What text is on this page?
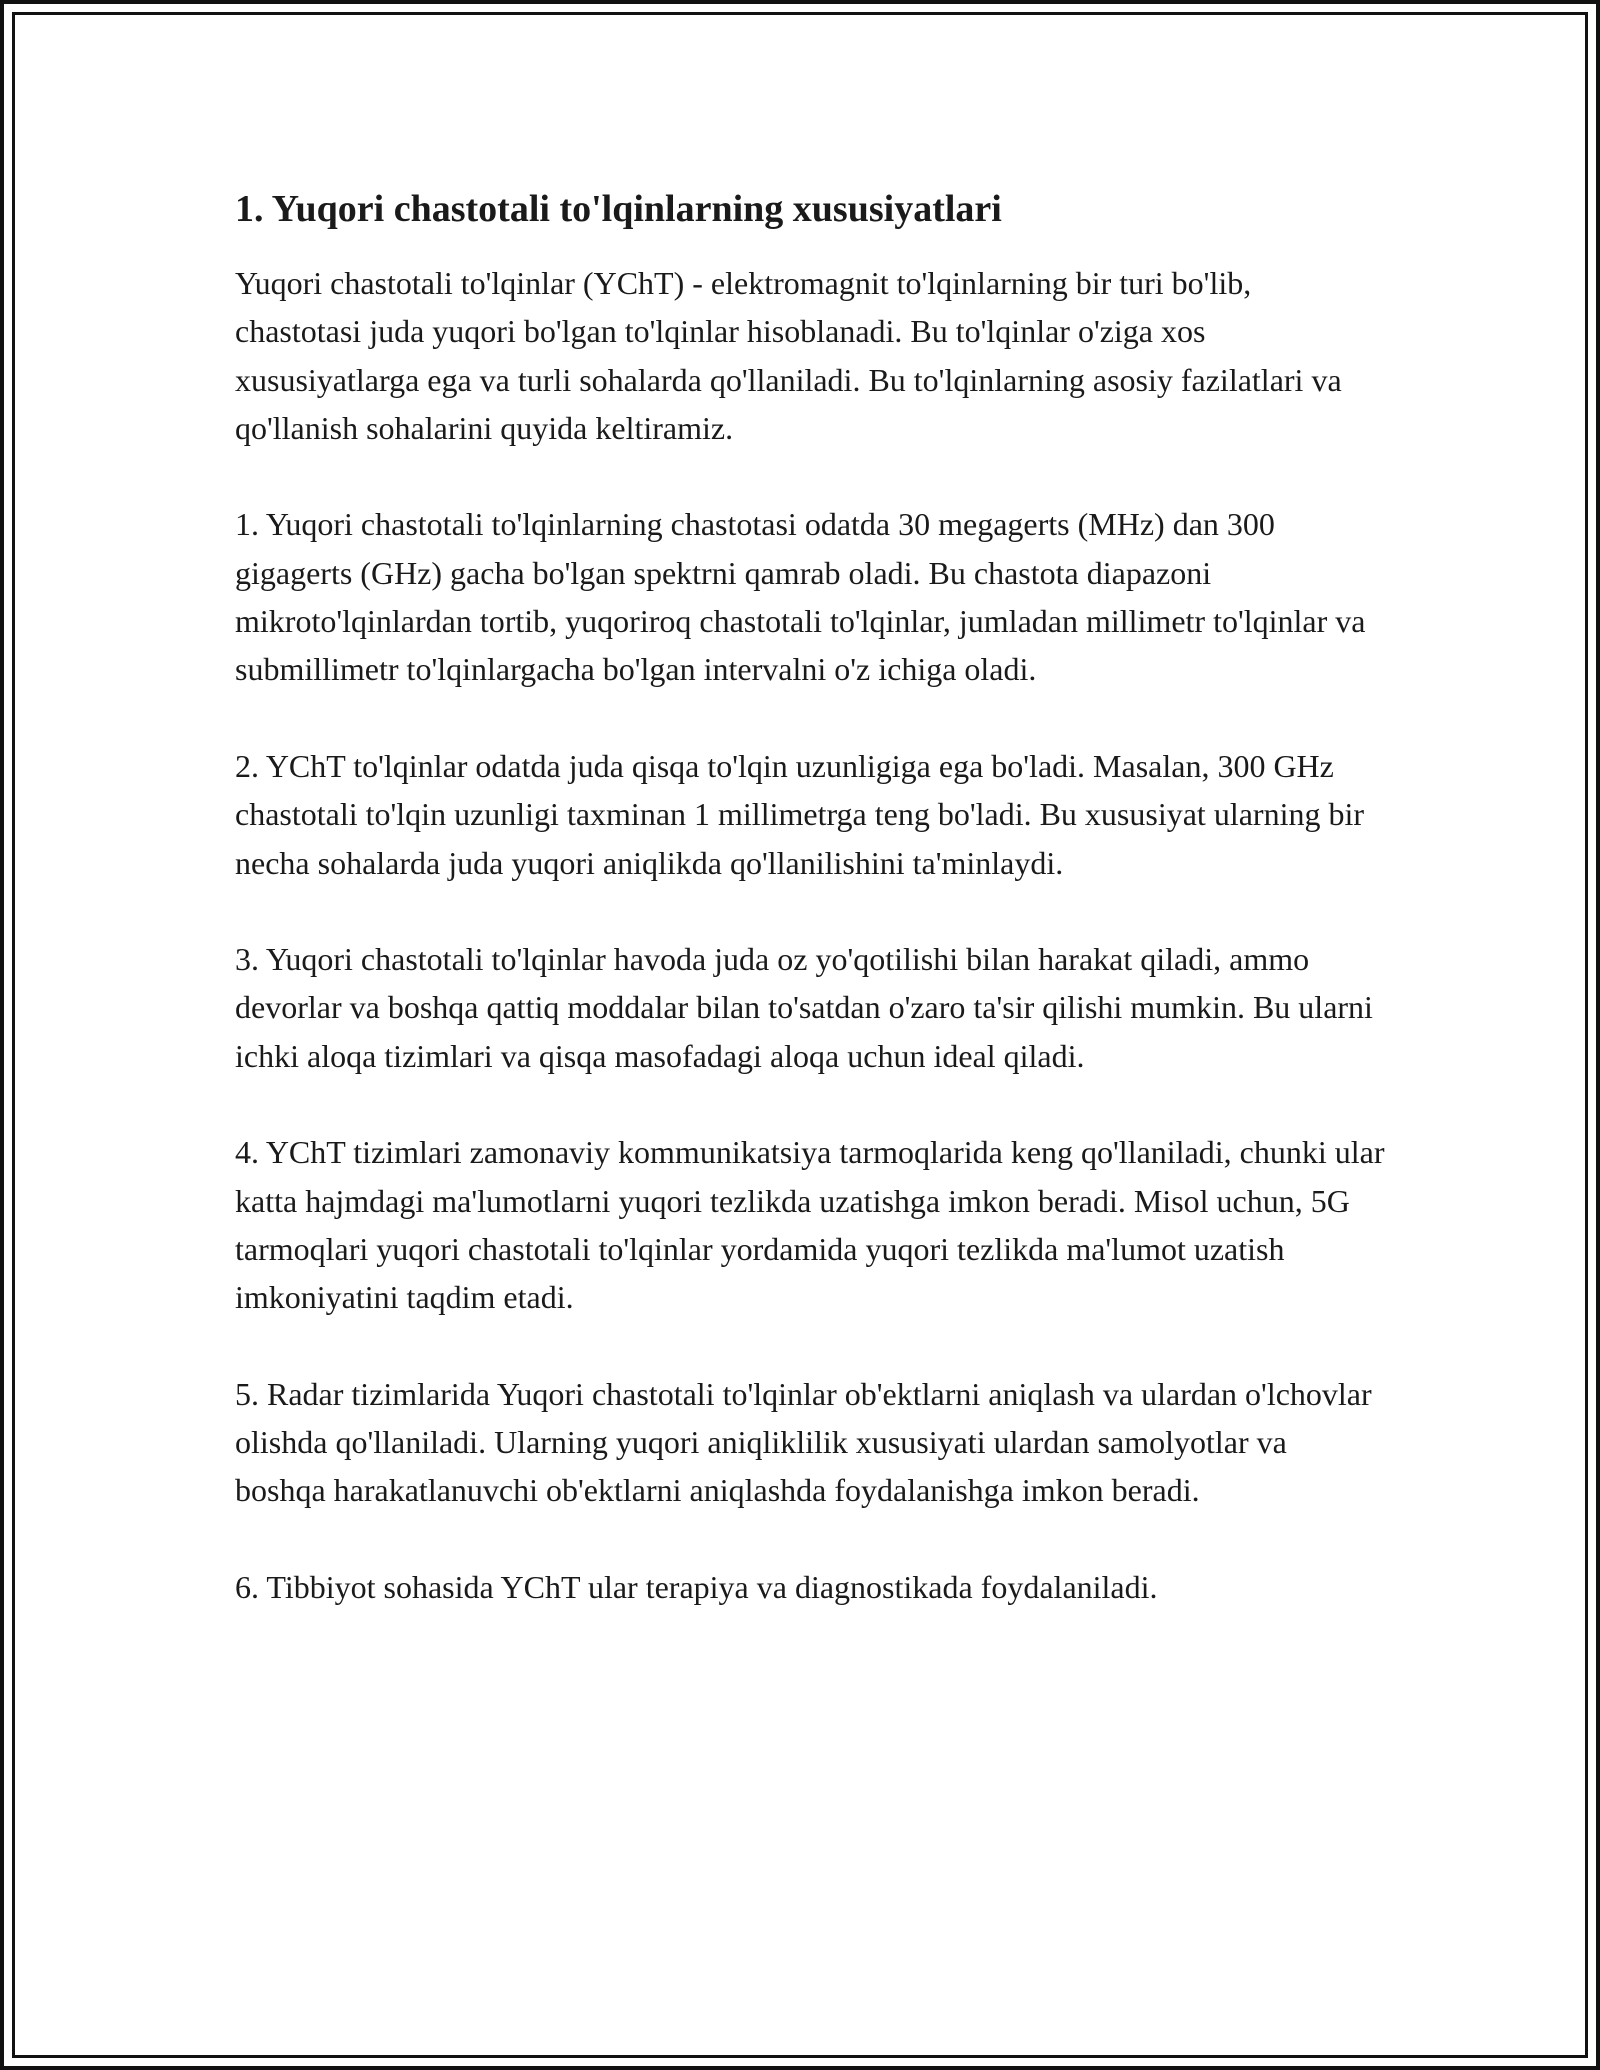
1. Yuqori chastotali to'lqinlarning xususiyatlari

Yuqori chastotali to'lqinlar (YChT) - elektromagnit to'lqinlarning bir turi bo'lib, chastotasi juda yuqori bo'lgan to'lqinlar hisoblanadi. Bu to'lqinlar o'ziga xos xususiyatlarga ega va turli sohalarda qo'llaniladi. Bu to'lqinlarning asosiy fazilatlari va qo'llanish sohalarini quyida keltiramiz.

1. Yuqori chastotali to'lqinlarning chastotasi odatda 30 megagerts (MHz) dan 300 gigagerts (GHz) gacha bo'lgan spektrni qamrab oladi. Bu chastota diapazoni mikroto'lqinlardan tortib, yuqoriroq chastotali to'lqinlar, jumladan millimetr to'lqinlar va submillimetr to'lqinlargacha bo'lgan intervalni o'z ichiga oladi.

2. YChT to'lqinlar odatda juda qisqa to'lqin uzunligiga ega bo'ladi. Masalan, 300 GHz chastotali to'lqin uzunligi taxminan 1 millimetrga teng bo'ladi. Bu xususiyat ularning bir necha sohalarda juda yuqori aniqlikda qo'llanilishini ta'minlaydi.

3. Yuqori chastotali to'lqinlar havoda juda oz yo'qotilishi bilan harakat qiladi, ammo devorlar va boshqa qattiq moddalar bilan to'satdan o'zaro ta'sir qilishi mumkin. Bu ularni ichki aloqa tizimlari va qisqa masofadagi aloqa uchun ideal qiladi.

4. YChT tizimlari zamonaviy kommunikatsiya tarmoqlarida keng qo'llaniladi, chunki ular katta hajmdagi ma'lumotlarni yuqori tezlikda uzatishga imkon beradi. Misol uchun, 5G tarmoqlari yuqori chastotali to'lqinlar yordamida yuqori tezlikda ma'lumot uzatish imkoniyatini taqdim etadi.

5. Radar tizimlarida Yuqori chastotali to'lqinlar ob'ektlarni aniqlash va ulardan o'lchovlar olishda qo'llaniladi. Ularning yuqori aniqliklilik xususiyati ulardan samolyotlar va boshqa harakatlanuvchi ob'ektlarni aniqlashda foydalanishga imkon beradi.

6. Tibbiyot sohasida YChT ular terapiya va diagnostikada foydalaniladi.
